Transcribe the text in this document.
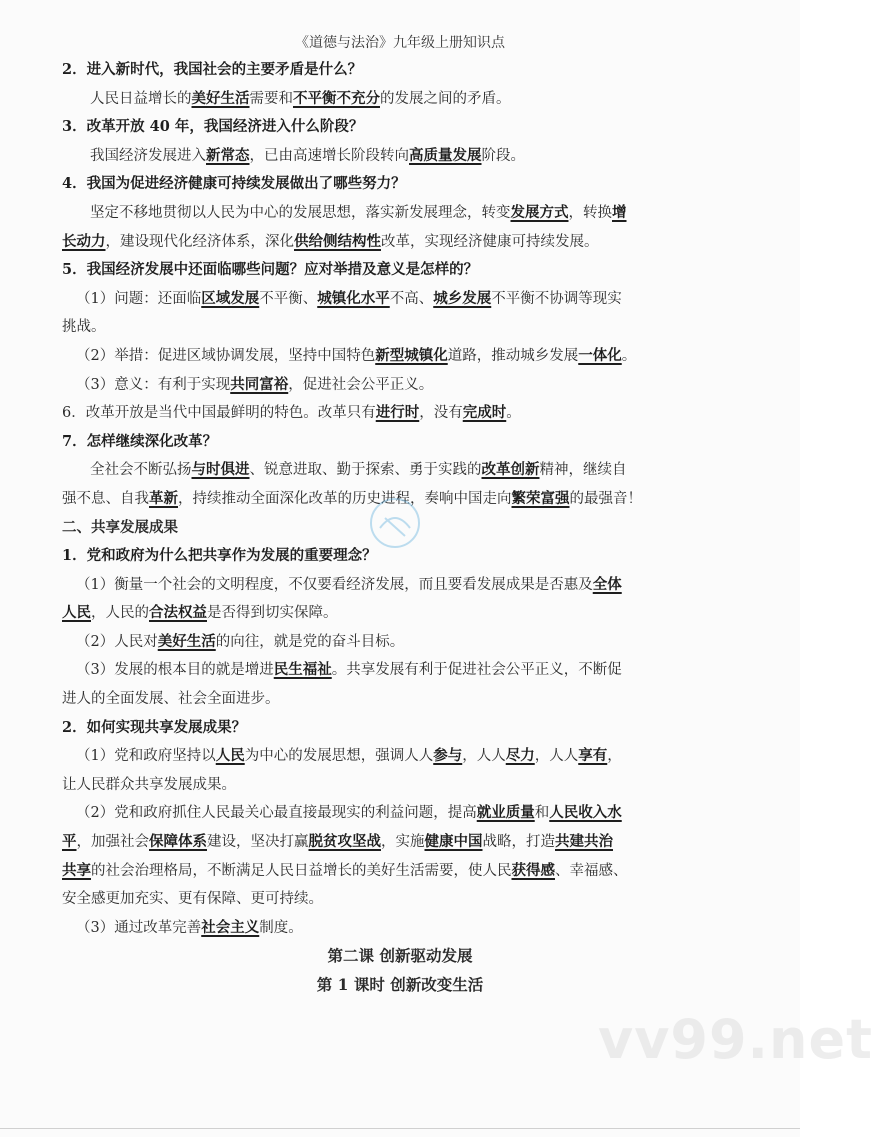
《道德与法治》九年级上册知识点
2．进入新时代，我国社会的主要矛盾是什么？
人民日益增长的美好生活需要和不平衡不充分的发展之间的矛盾。
3．改革开放 40 年，我国经济进入什么阶段？
我国经济发展进入新常态，已由高速增长阶段转向高质量发展阶段。
4．我国为促进经济健康可持续发展做出了哪些努力？
坚定不移地贯彻以人民为中心的发展思想，落实新发展理念，转变发展方式，转换增
长动力，建设现代化经济体系，深化供给侧结构性改革，实现经济健康可持续发展。
5．我国经济发展中还面临哪些问题？应对举措及意义是怎样的？
（1）问题：还面临区域发展不平衡、城镇化水平不高、城乡发展不平衡不协调等现实
挑战。
（2）举措：促进区域协调发展，坚持中国特色新型城镇化道路，推动城乡发展一体化。
（3）意义：有利于实现共同富裕，促进社会公平正义。
6．改革开放是当代中国最鲜明的特色。改革只有进行时，没有完成时。
7．怎样继续深化改革？
全社会不断弘扬与时俱进、锐意进取、勤于探索、勇于实践的改革创新精神，继续自
强不息、自我革新，持续推动全面深化改革的历史进程，奏响中国走向繁荣富强的最强音！
二、共享发展成果
1．党和政府为什么把共享作为发展的重要理念？
（1）衡量一个社会的文明程度，不仅要看经济发展，而且要看发展成果是否惠及全体
人民，人民的合法权益是否得到切实保障。
（2）人民对美好生活的向往，就是党的奋斗目标。
（3）发展的根本目的就是增进民生福祉。共享发展有利于促进社会公平正义，不断促
进人的全面发展、社会全面进步。
2．如何实现共享发展成果？
（1）党和政府坚持以人民为中心的发展思想，强调人人参与，人人尽力，人人享有，
让人民群众共享发展成果。
（2）党和政府抓住人民最关心最直接最现实的利益问题，提高就业质量和人民收入水
平，加强社会保障体系建设，坚决打赢脱贫攻坚战，实施健康中国战略，打造共建共治
共享的社会治理格局，不断满足人民日益增长的美好生活需要，使人民获得感、幸福感、
安全感更加充实、更有保障、更可持续。
（3）通过改革完善社会主义制度。
第二课 创新驱动发展
第 1 课时 创新改变生活
vv99.net
